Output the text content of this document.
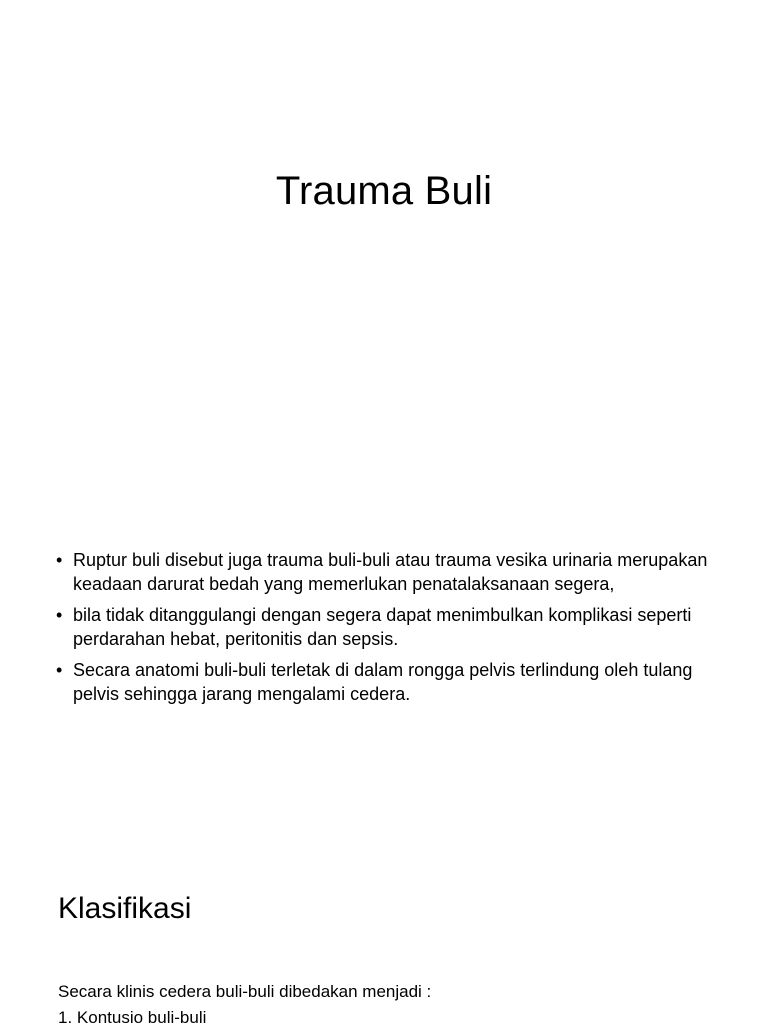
Trauma Buli
• Ruptur buli disebut juga trauma buli-buli atau trauma vesika urinaria merupakan keadaan darurat bedah yang memerlukan penatalaksanaan segera,
• bila tidak ditanggulangi dengan segera dapat menimbulkan komplikasi seperti perdarahan hebat, peritonitis dan sepsis.
• Secara anatomi buli-buli terletak di dalam rongga pelvis terlindung oleh tulang pelvis sehingga jarang mengalami cedera.
Klasifikasi
Secara klinis cedera buli-buli dibedakan menjadi :
1. Kontusio buli-buli
